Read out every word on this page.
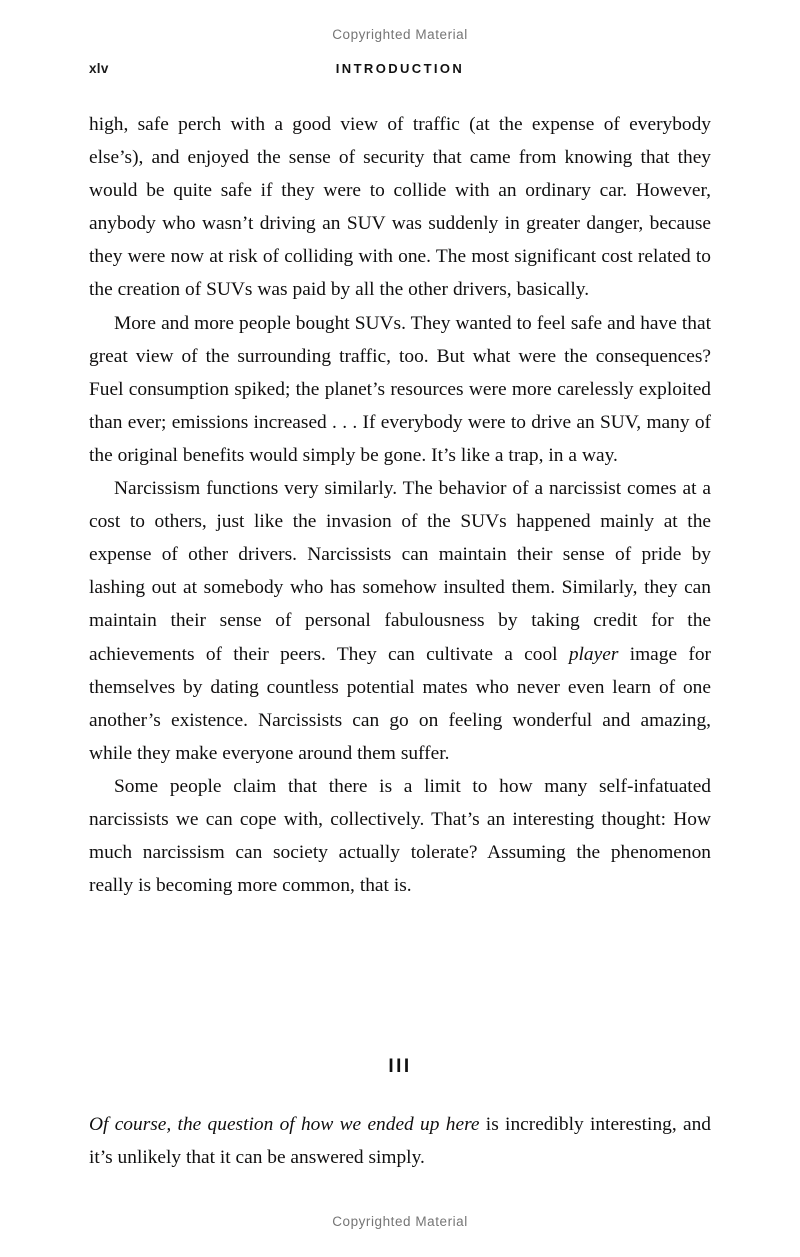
Copyrighted Material
xlv	INTRODUCTION

high, safe perch with a good view of traffic (at the expense of everybody else’s), and enjoyed the sense of security that came from knowing that they would be quite safe if they were to collide with an ordinary car. However, anybody who wasn’t driving an SUV was suddenly in greater danger, because they were now at risk of colliding with one. The most significant cost related to the creation of SUVs was paid by all the other drivers, basically.

More and more people bought SUVs. They wanted to feel safe and have that great view of the surrounding traffic, too. But what were the consequences? Fuel consumption spiked; the planet’s resources were more carelessly exploited than ever; emissions increased . . . If everybody were to drive an SUV, many of the original benefits would simply be gone. It’s like a trap, in a way.

Narcissism functions very similarly. The behavior of a narcissist comes at a cost to others, just like the invasion of the SUVs happened mainly at the expense of other drivers. Narcissists can maintain their sense of pride by lashing out at somebody who has somehow insulted them. Similarly, they can maintain their sense of personal fabulousness by taking credit for the achievements of their peers. They can cultivate a cool player image for themselves by dating countless potential mates who never even learn of one another’s existence. Narcissists can go on feeling wonderful and amazing, while they make everyone around them suffer.

Some people claim that there is a limit to how many self-infatuated narcissists we can cope with, collectively. That’s an interesting thought: How much narcissism can society actually tolerate? Assuming the phenomenon really is becoming more common, that is.

III

Of course, the question of how we ended up here is incredibly interesting, and it’s unlikely that it can be answered simply.

Copyrighted Material
